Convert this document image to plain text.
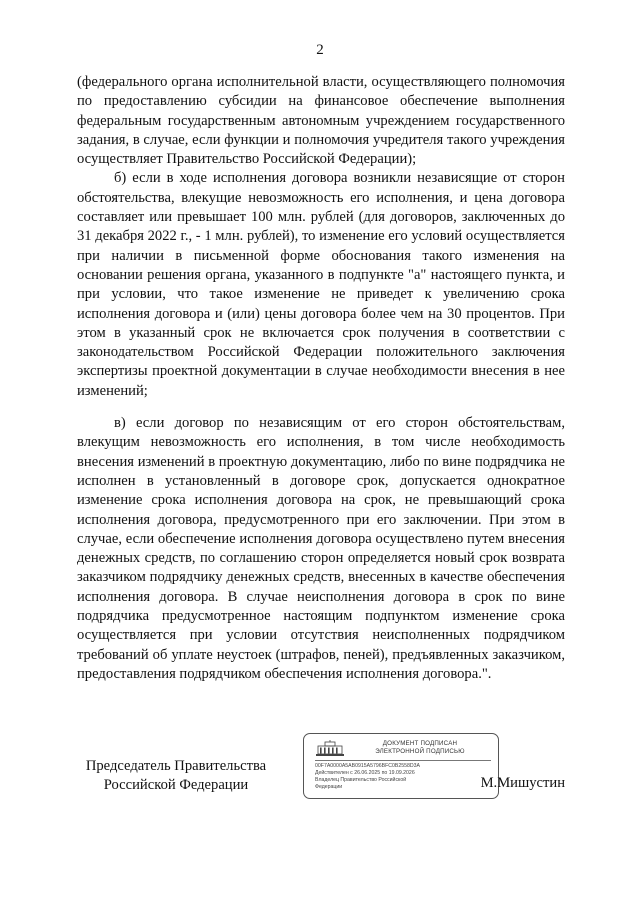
2

(федерального органа исполнительной власти, осуществляющего полномочия по предоставлению субсидии на финансовое обеспечение выполнения федеральным государственным автономным учреждением государственного задания, в случае, если функции и полномочия учредителя такого учреждения осуществляет Правительство Российской Федерации);

б) если в ходе исполнения договора возникли независящие от сторон обстоятельства, влекущие невозможность его исполнения, и цена договора составляет или превышает 100 млн. рублей (для договоров, заключенных до 31 декабря 2022 г., - 1 млн. рублей), то изменение его условий осуществляется при наличии в письменной форме обоснования такого изменения на основании решения органа, указанного в подпункте "а" настоящего пункта, и при условии, что такое изменение не приведет к увеличению срока исполнения договора и (или) цены договора более чем на 30 процентов. При этом в указанный срок не включается срок получения в соответствии с законодательством Российской Федерации положительного заключения экспертизы проектной документации в случае необходимости внесения в нее изменений;

в) если договор по независящим от его сторон обстоятельствам, влекущим невозможность его исполнения, в том числе необходимость внесения изменений в проектную документацию, либо по вине подрядчика не исполнен в установленный в договоре срок, допускается однократное изменение срока исполнения договора на срок, не превышающий срока исполнения договора, предусмотренного при его заключении. При этом в случае, если обеспечение исполнения договора осуществлено путем внесения денежных средств, по соглашению сторон определяется новый срок возврата заказчиком подрядчику денежных средств, внесенных в качестве обеспечения исполнения договора. В случае неисполнения договора в срок по вине подрядчика предусмотренное настоящим подпунктом изменение срока осуществляется при условии отсутствия неисполненных подрядчиком требований об уплате неустоек (штрафов, пеней), предъявленных заказчиком, предоставления подрядчиком обеспечения исполнения договора.".

Председатель Правительства
Российской Федерации
ДОКУМЕНТ ПОДПИСАН
ЭЛЕКТРОННОЙ ПОДПИСЬЮ
00F7A0000A5AB0915A5796BFC0B2558D3A
Действителен с 26.06.2025 по 19.09.2026
Владелец Правительство Российской
Федерации	М.Мишустин
